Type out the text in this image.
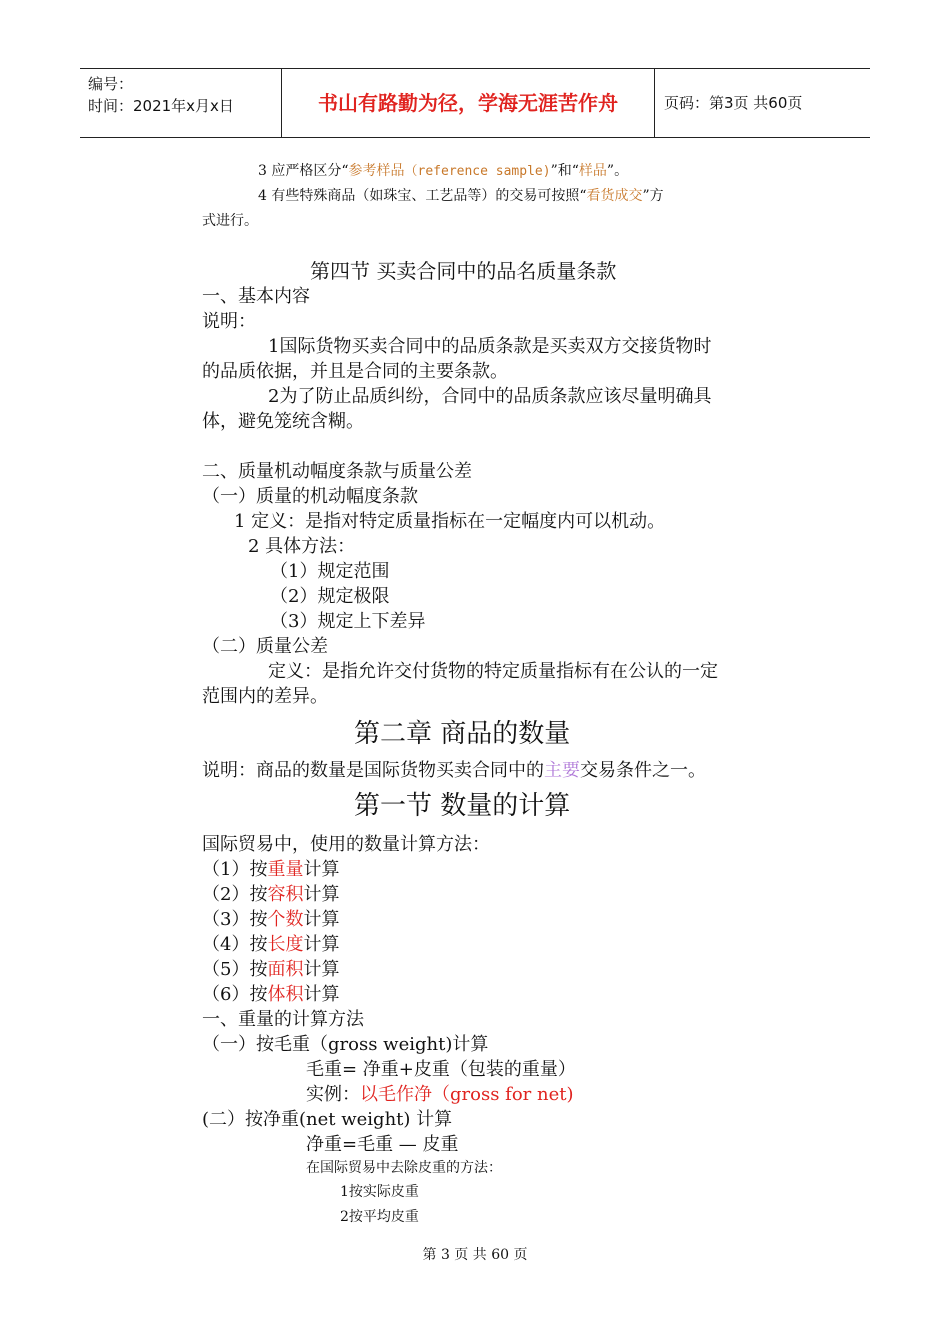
编号：
时间：2021年x月x日	书山有路勤为径，学海无涯苦作舟	页码：第3页 共60页
3 应严格区分“参考样品（reference sample)”和“样品”。
4 有些特殊商品（如珠宝、工艺品等）的交易可按照“看货成交”方
式进行。
第四节 买卖合同中的品名质量条款
一、基本内容
说明：
1国际货物买卖合同中的品质条款是买卖双方交接货物时
的品质依据，并且是合同的主要条款。
2为了防止品质纠纷，合同中的品质条款应该尽量明确具
体，避免笼统含糊。
二、质量机动幅度条款与质量公差
（一）质量的机动幅度条款
1 定义：是指对特定质量指标在一定幅度内可以机动。
2 具体方法：
（1）规定范围
（2）规定极限
（3）规定上下差异
（二）质量公差
定义：是指允许交付货物的特定质量指标有在公认的一定
范围内的差异。
第二章 商品的数量
说明：商品的数量是国际货物买卖合同中的主要交易条件之一。
第一节 数量的计算
国际贸易中，使用的数量计算方法：
（1）按重量计算
（2）按容积计算
（3）按个数计算
（4）按长度计算
（5）按面积计算
（6）按体积计算
一、重量的计算方法
（一）按毛重（gross weight)计算
毛重= 净重+皮重（包装的重量）
实例：以毛作净（gross for net)
(二）按净重(net weight) 计算
净重=毛重 — 皮重
在国际贸易中去除皮重的方法：
1按实际皮重
2按平均皮重
第 3 页 共 60 页
